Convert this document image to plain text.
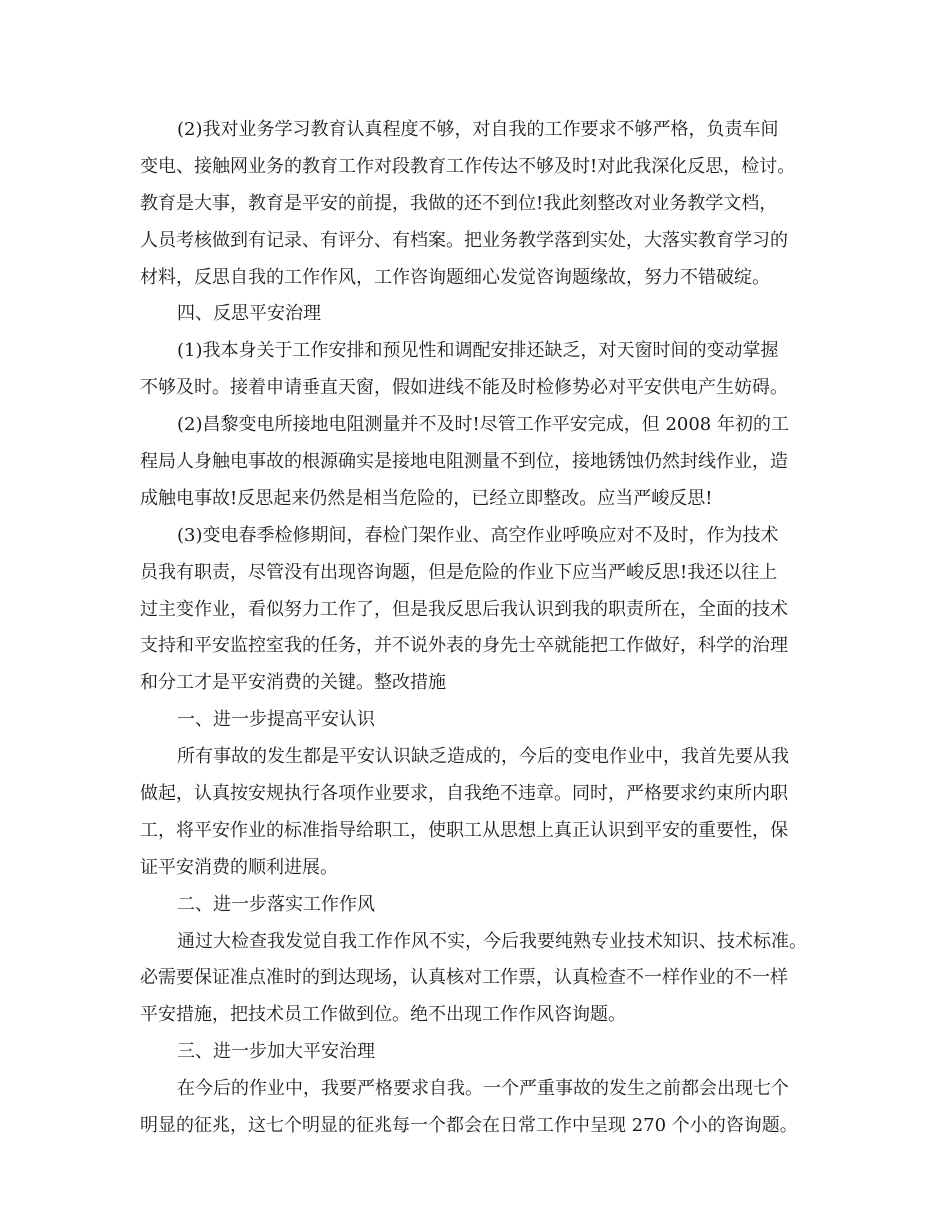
(2)我对业务学习教育认真程度不够，对自我的工作要求不够严格，负责车间
变电、接触网业务的教育工作对段教育工作传达不够及时!对此我深化反思，检讨。
教育是大事，教育是平安的前提，我做的还不到位!我此刻整改对业务教学文档，
人员考核做到有记录、有评分、有档案。把业务教学落到实处，大落实教育学习的
材料，反思自我的工作作风，工作咨询题细心发觉咨询题缘故，努力不错破绽。
四、反思平安治理
(1)我本身关于工作安排和预见性和调配安排还缺乏，对天窗时间的变动掌握
不够及时。接着申请垂直天窗，假如进线不能及时检修势必对平安供电产生妨碍。
(2)昌黎变电所接地电阻测量并不及时!尽管工作平安完成，但 2008 年初的工
程局人身触电事故的根源确实是接地电阻测量不到位，接地锈蚀仍然封线作业，造
成触电事故!反思起来仍然是相当危险的，已经立即整改。应当严峻反思!
(3)变电春季检修期间，春检门架作业、高空作业呼唤应对不及时，作为技术
员我有职责，尽管没有出现咨询题，但是危险的作业下应当严峻反思!我还以往上
过主变作业，看似努力工作了，但是我反思后我认识到我的职责所在，全面的技术
支持和平安监控室我的任务，并不说外表的身先士卒就能把工作做好，科学的治理
和分工才是平安消费的关键。整改措施
一、进一步提高平安认识
所有事故的发生都是平安认识缺乏造成的，今后的变电作业中，我首先要从我
做起，认真按安规执行各项作业要求，自我绝不违章。同时，严格要求约束所内职
工，将平安作业的标准指导给职工，使职工从思想上真正认识到平安的重要性，保
证平安消费的顺利进展。
二、进一步落实工作作风
通过大检查我发觉自我工作作风不实，今后我要纯熟专业技术知识、技术标准。
必需要保证准点准时的到达现场，认真核对工作票，认真检查不一样作业的不一样
平安措施，把技术员工作做到位。绝不出现工作作风咨询题。
三、进一步加大平安治理
在今后的作业中，我要严格要求自我。一个严重事故的发生之前都会出现七个
明显的征兆，这七个明显的征兆每一个都会在日常工作中呈现 270 个小的咨询题。
